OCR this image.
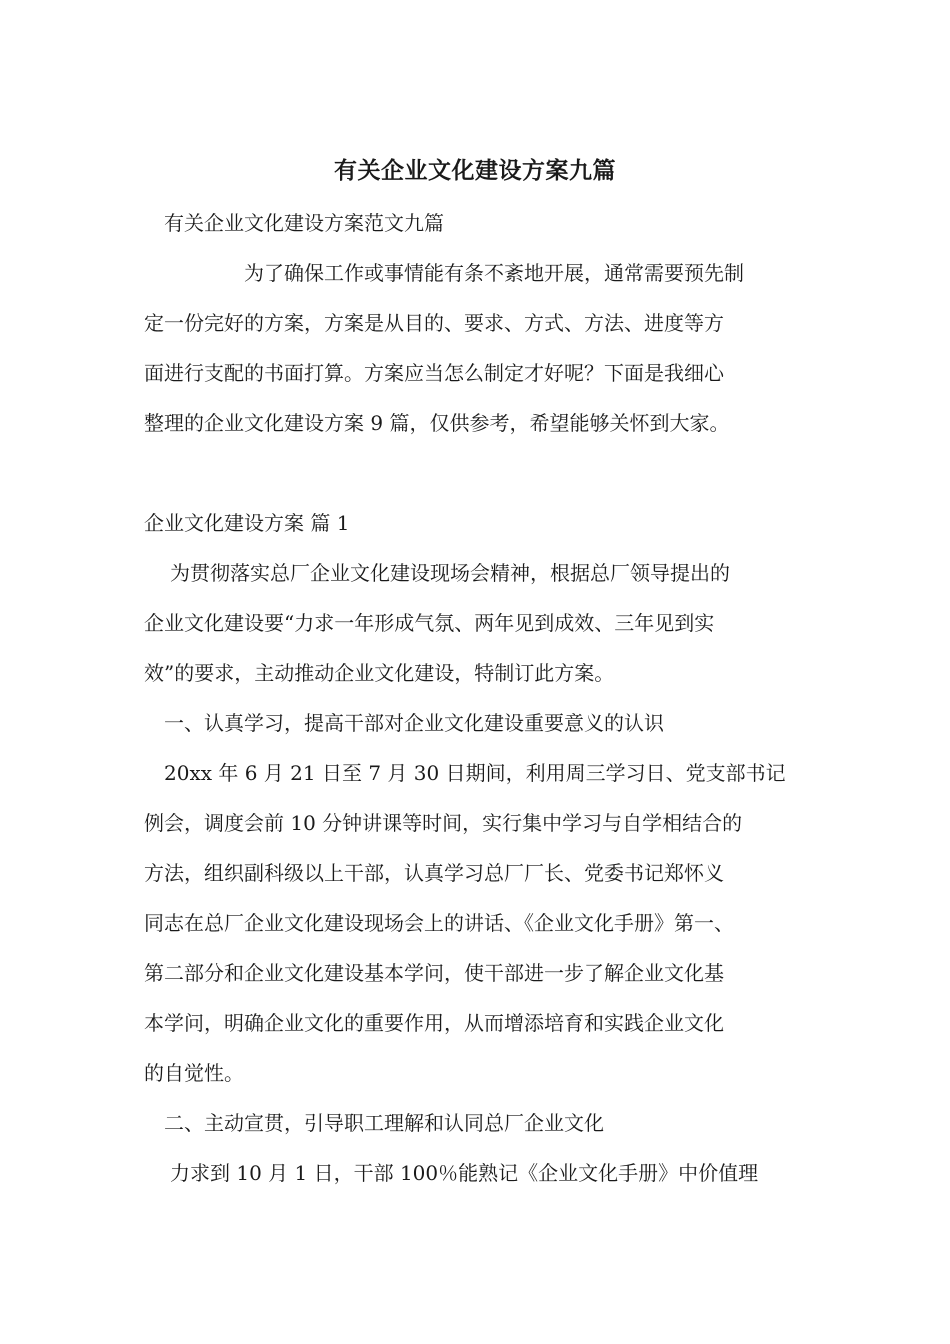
有关企业文化建设方案九篇
有关企业文化建设方案范文九篇
为了确保工作或事情能有条不紊地开展，通常需要预先制
定一份完好的方案，方案是从目的、要求、方式、方法、进度等方
面进行支配的书面打算。方案应当怎么制定才好呢？下面是我细心
整理的企业文化建设方案 9 篇，仅供参考，希望能够关怀到大家。
企业文化建设方案 篇 1
为贯彻落实总厂企业文化建设现场会精神，根据总厂领导提出的
企业文化建设要“力求一年形成气氛、两年见到成效、三年见到实
效”的要求，主动推动企业文化建设，特制订此方案。
一、认真学习，提高干部对企业文化建设重要意义的认识
20xx 年 6 月 21 日至 7 月 30 日期间，利用周三学习日、党支部书记
例会，调度会前 10 分钟讲课等时间，实行集中学习与自学相结合的
方法，组织副科级以上干部，认真学习总厂厂长、党委书记郑怀义
同志在总厂企业文化建设现场会上的讲话、《企业文化手册》第一、
第二部分和企业文化建设基本学问，使干部进一步了解企业文化基
本学问，明确企业文化的重要作用，从而增添培育和实践企业文化
的自觉性。
二、主动宣贯，引导职工理解和认同总厂企业文化
力求到 10 月 1 日，干部 100％能熟记《企业文化手册》中价值理
